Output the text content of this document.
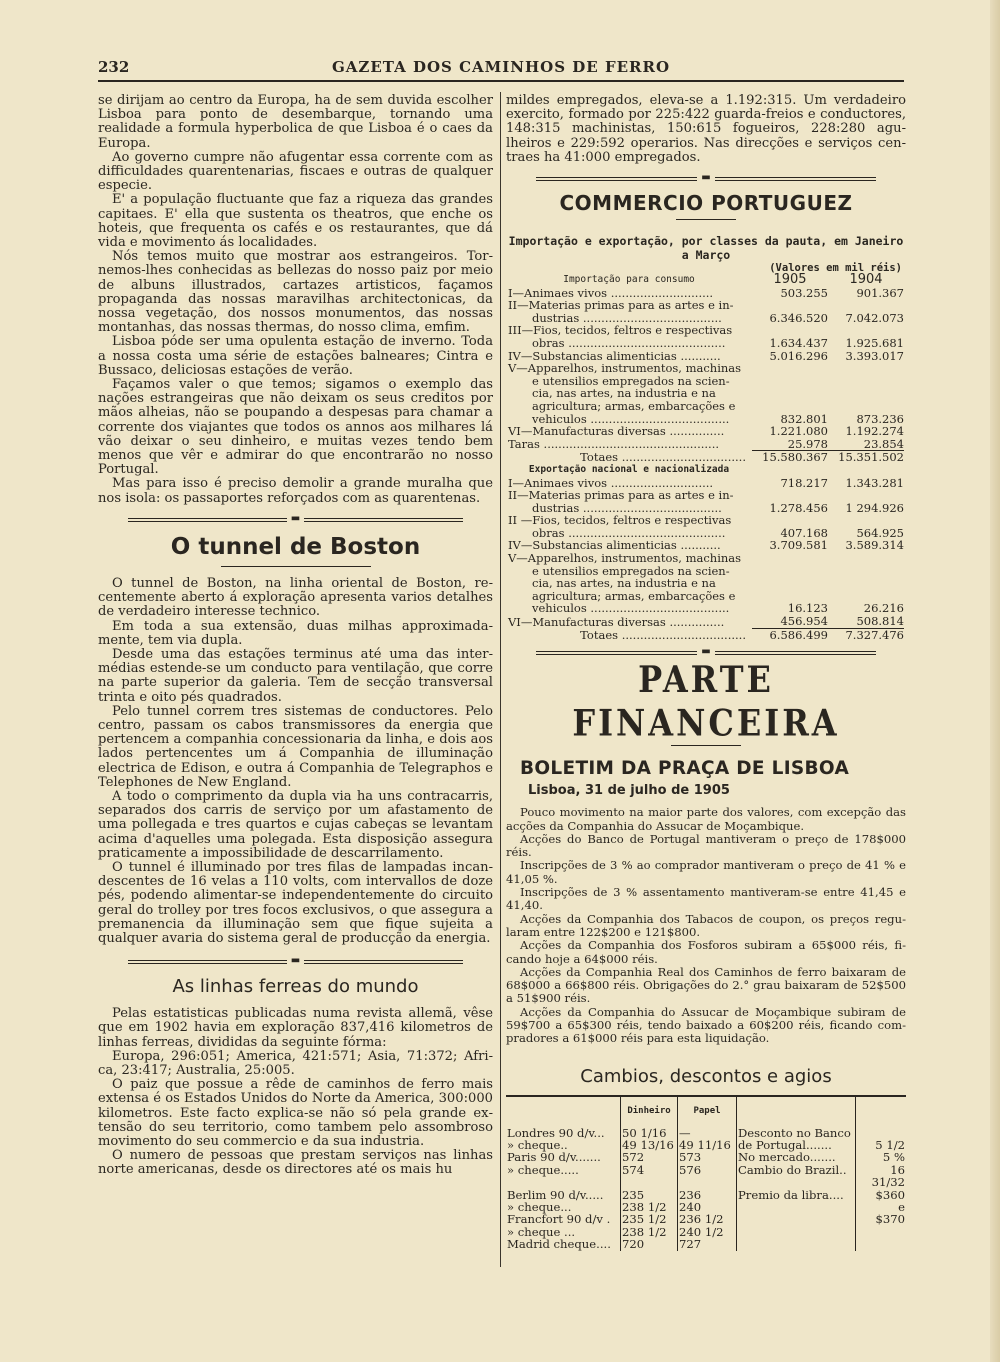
232	GAZETA DOS CAMINHOS DE FERRO

se dirijam ao centro da Europa, ha de sem duvida escolher Lisboa para ponto de desembarque, tornando uma realidade a formula hyperbolica de que Lisboa é o caes da Europa.

Ao governo cumpre não afugentar essa corrente com as difficuldades quarentenarias, fiscaes e outras de qualquer especie.

E' a população fluctuante que faz a riqueza das grandes capitaes. E' ella que sustenta os theatros, que enche os hoteis, que frequenta os cafés e os restaurantes, que dá vida e movimento ás localidades.

Nós temos muito que mostrar aos estrangeiros. Tornemos-lhes conhecidas as bellezas do nosso paiz por meio de albuns illustrados, cartazes artisticos, façamos propaganda das nossas maravilhas architectonicas, da nossa vegetação, dos nossos monumentos, das nossas montanhas, das nossas thermas, do nosso clima, emfim.

Lisboa póde ser uma opulenta estação de inverno. Toda a nossa costa uma série de estações balneares; Cintra e Bussaco, deliciosas estações de verão.

Façamos valer o que temos; sigamos o exemplo das nações estrangeiras que não deixam os seus creditos por mãos alheias, não se poupando a despesas para chamar a corrente dos viajantes que todos os annos aos milhares lá vão deixar o seu dinheiro, e muitas vezes tendo bem menos que vêr e admirar do que encontrarão no nosso Portugal.

Mas para isso é preciso demolir a grande muralha que nos isola: os passaportes reforçados com as quarentenas.

▬
O tunnel de Boston

O tunnel de Boston, na linha oriental de Boston, recentemente aberto á exploração apresenta varios detalhes de verdadeiro interesse technico.

Em toda a sua extensão, duas milhas approximadamente, tem via dupla.

Desde uma das estações terminus até uma das intermédias estende-se um conducto para ventilação, que corre na parte superior da galeria. Tem de secção transversal trinta e oito pés quadrados.

Pelo tunnel correm tres sistemas de conductores. Pelo centro, passam os cabos transmissores da energia que pertencem a companhia concessionaria da linha, e dois aos lados pertencentes um á Companhia de illuminação electrica de Edison, e outra á Companhia de Telegraphos e Telephones de New England.

A todo o comprimento da dupla via ha uns contracarris, separados dos carris de serviço por um afastamento de uma pollegada e tres quartos e cujas cabeças se levantam acima d'aquelles uma polegada. Esta disposição assegura praticamente a impossibilidade de descarrilamento.

O tunnel é illuminado por tres filas de lampadas incandescentes de 16 velas a 110 volts, com intervallos de doze pés, podendo alimentar-se independentemente do circuito geral do trolley por tres focos exclusivos, o que assegura a premanencia da illuminação sem que fique sujeita a qualquer avaria do sistema geral de producção da energia.

▬
As linhas ferreas do mundo

Pelas estatisticas publicadas numa revista allemã, vêse que em 1902 havia em exploração 837,416 kilometros de linhas ferreas, divididas da seguinte fórma:

Europa, 296:051; America, 421:571; Asia, 71:372; Africa, 23:417; Australia, 25:005.

O paiz que possue a rêde de caminhos de ferro mais extensa é os Estados Unidos do Norte da America, 300:000 kilometros. Este facto explica-se não só pela grande extensão do seu territorio, como tambem pelo assombroso movimento do seu commercio e da sua industria.

O numero de pessoas que prestam serviços nas linhas norte americanas, desde os directores até os mais hu

mildes empregados, eleva-se a 1.192:315. Um verdadeiro exercito, formado por 225:422 guarda-freios e conductores, 148:315 machinistas, 150:615 fogueiros, 228:280 agulheiros e 229:592 operarios. Nas direcções e serviços centraes ha 41:000 empregados.

▬
COMMERCIO PORTUGUEZ
Importação e exportação, por classes da pauta, em Janeiro a Março
(Valores em mil réis)
Importação para consumo	1905	1904
I—Animaes vivos ............................	503.255	901.367
II—Materias primas para as artes e in-		
dustrias ......................................	6.346.520	7.042.073
III—Fios, tecidos, feltros e respectivas		
obras ...........................................	1.634.437	1.925.681
IV—Substancias alimenticias ...........	5.016.296	3.393.017
V—Apparelhos, instrumentos, machinas		
e utensilios empregados na scien-		
cia, nas artes, na industria e na		
agricultura; armas, embarcações e		
vehiculos ......................................	832.801	873.236
VI—Manufacturas diversas ...............	1.221.080	1.192.274
Taras ................................................	25.978	23.854
Totaes ..................................	15.580.367	15.351.502
Exportação nacional e nacionalizada		
I—Animaes vivos ............................	718.217	1.343.281
II—Materias primas para as artes e in-		
dustrias ......................................	1.278.456	1 294.926
II —Fios, tecidos, feltros e respectivas		
obras ...........................................	407.168	564.925
IV—Substancias alimenticias ...........	3.709.581	3.589.314
V—Apparelhos, instrumentos, machinas		
e utensilios empregados na scien-		
cia, nas artes, na industria e na		
agricultura; armas, embarcações e		
vehiculos ......................................	16.123	26.216
VI—Manufacturas diversas ...............	456.954	508.814
Totaes ..................................	6.586.499	7.327.476
▬
PARTE FINANCEIRA
BOLETIM DA PRAÇA DE LISBOA
Lisboa, 31 de julho de 1905

Pouco movimento na maior parte dos valores, com excepção das acções da Companhia do Assucar de Moçambique.

Acções do Banco de Portugal mantiveram o preço de 178$000 réis.

Inscripções de 3 % ao comprador mantiveram o preço de 41 % e 41,05 %.

Inscripções de 3 % assentamento mantiveram-se entre 41,45 e 41,40.

Acções da Companhia dos Tabacos de coupon, os preços regularam entre 122$200 e 121$800.

Acções da Companhia dos Fosforos subiram a 65$000 réis, ficando hoje a 64$000 réis.

Acções da Companhia Real dos Caminhos de ferro baixaram de 68$000 a 66$800 réis. Obrigações do 2.° grau baixaram de 52$500 a 51$900 réis.

Acções da Companhia do Assucar de Moçambique subiram de 59$700 a 65$300 réis, tendo baixado a 60$200 réis, ficando compradores a 61$000 réis para esta liquidação.

Cambios, descontos e agios
	Dinheiro	Papel		
Londres 90 d/v...	50 1/16	—	Desconto no Banco	
» cheque..	49 13/16	49 11/16	de Portugal.......	5 1/2
Paris 90 d/v.......	572	573	No mercado.......	5 %
» cheque.....	574	576	Cambio do Brazil..	16 31/32
Berlim 90 d/v.....	235	236	Premio da libra....	$360
» cheque...	238 1/2	240		e
Francfort 90 d/v .	235 1/2	236 1/2		$370
» cheque ...	238 1/2	240 1/2		
Madrid cheque....	720	727		
